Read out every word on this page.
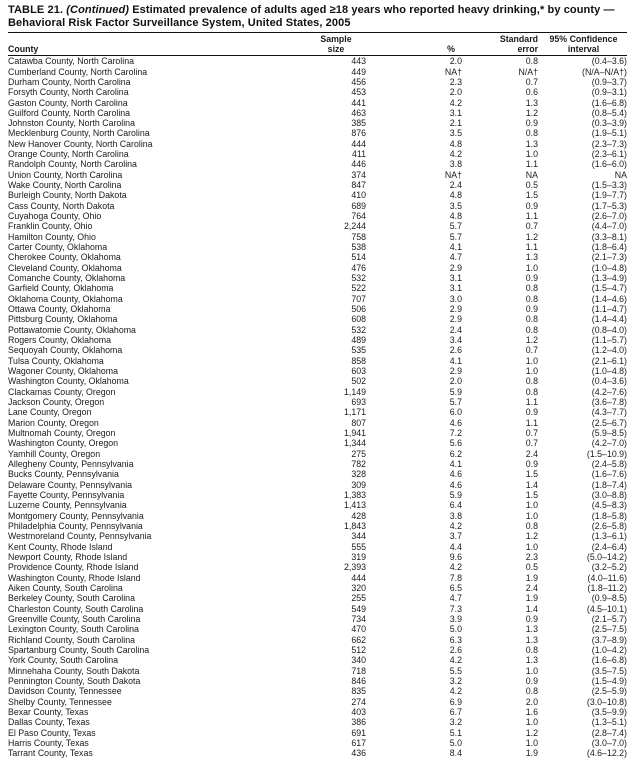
TABLE 21. (Continued) Estimated prevalence of adults aged ≥18 years who reported heavy drinking,* by county — Behavioral Risk Factor Surveillance System, United States, 2005
County
Sample
size	%
Standard
error
95% Confidence
interval
Catawba County, North Carolina	443	2.0	0.8	(0.4–3.6)
Cumberland County, North Carolina	449	NA†	N/A†	(N/A–N/A†)
Durham County, North Carolina	456	2.3	0.7	(0.9–3.7)
Forsyth County, North Carolina	453	2.0	0.6	(0.9–3.1)
Gaston County, North Carolina	441	4.2	1.3	(1.6–6.8)
Guilford County, North Carolina	463	3.1	1.2	(0.8–5.4)
Johnston County, North Carolina	385	2.1	0.9	(0.3–3.9)
Mecklenburg County, North Carolina	876	3.5	0.8	(1.9–5.1)
New Hanover County, North Carolina	444	4.8	1.3	(2.3–7.3)
Orange County, North Carolina	411	4.2	1.0	(2.3–6.1)
Randolph County, North Carolina	446	3.8	1.1	(1.6–6.0)
Union County, North Carolina	374	NA†	NA	NA
Wake County, North Carolina	847	2.4	0.5	(1.5–3.3)
Burleigh County, North Dakota	410	4.8	1.5	(1.9–7.7)
Cass County, North Dakota	689	3.5	0.9	(1.7–5.3)
Cuyahoga County, Ohio	764	4.8	1.1	(2.6–7.0)
Franklin County, Ohio	2,244	5.7	0.7	(4.4–7.0)
Hamilton County, Ohio	758	5.7	1.2	(3.3–8.1)
Carter County, Oklahoma	538	4.1	1.1	(1.8–6.4)
Cherokee County, Oklahoma	514	4.7	1.3	(2.1–7.3)
Cleveland County, Oklahoma	476	2.9	1.0	(1.0–4.8)
Comanche County, Oklahoma	532	3.1	0.9	(1.3–4.9)
Garfield County, Oklahoma	522	3.1	0.8	(1.5–4.7)
Oklahoma County, Oklahoma	707	3.0	0.8	(1.4–4.6)
Ottawa County, Oklahoma	506	2.9	0.9	(1.1–4.7)
Pittsburg County, Oklahoma	608	2.9	0.8	(1.4–4.4)
Pottawatomie County, Oklahoma	532	2.4	0.8	(0.8–4.0)
Rogers County, Oklahoma	489	3.4	1.2	(1.1–5.7)
Sequoyah County, Oklahoma	535	2.6	0.7	(1.2–4.0)
Tulsa County, Oklahoma	858	4.1	1.0	(2.1–6.1)
Wagoner County, Oklahoma	603	2.9	1.0	(1.0–4.8)
Washington County, Oklahoma	502	2.0	0.8	(0.4–3.6)
Clackamas County, Oregon	1,149	5.9	0.8	(4.2–7.6)
Jackson County, Oregon	693	5.7	1.1	(3.6–7.8)
Lane County, Oregon	1,171	6.0	0.9	(4.3–7.7)
Marion County, Oregon	807	4.6	1.1	(2.5–6.7)
Multnomah County, Oregon	1,941	7.2	0.7	(5.9–8.5)
Washington County, Oregon	1,344	5.6	0.7	(4.2–7.0)
Yamhill County, Oregon	275	6.2	2.4	(1.5–10.9)
Allegheny County, Pennsylvania	782	4.1	0.9	(2.4–5.8)
Bucks County, Pennsylvania	328	4.6	1.5	(1.6–7.6)
Delaware County, Pennsylvania	309	4.6	1.4	(1.8–7.4)
Fayette County, Pennsylvania	1,383	5.9	1.5	(3.0–8.8)
Luzerne County, Pennsylvania	1,413	6.4	1.0	(4.5–8.3)
Montgomery County, Pennsylvania	428	3.8	1.0	(1.8–5.8)
Philadelphia County, Pennsylvania	1,843	4.2	0.8	(2.6–5.8)
Westmoreland County, Pennsylvania	344	3.7	1.2	(1.3–6.1)
Kent County, Rhode Island	555	4.4	1.0	(2.4–6.4)
Newport County, Rhode Island	319	9.6	2.3	(5.0–14.2)
Providence County, Rhode Island	2,393	4.2	0.5	(3.2–5.2)
Washington County, Rhode Island	444	7.8	1.9	(4.0–11.6)
Aiken County, South Carolina	320	6.5	2.4	(1.8–11.2)
Berkeley County, South Carolina	255	4.7	1.9	(0.9–8.5)
Charleston County, South Carolina	549	7.3	1.4	(4.5–10.1)
Greenville County, South Carolina	734	3.9	0.9	(2.1–5.7)
Lexington County, South Carolina	470	5.0	1.3	(2.5–7.5)
Richland County, South Carolina	662	6.3	1.3	(3.7–8.9)
Spartanburg County, South Carolina	512	2.6	0.8	(1.0–4.2)
York County, South Carolina	340	4.2	1.3	(1.6–6.8)
Minnehaha County, South Dakota	718	5.5	1.0	(3.5–7.5)
Pennington County, South Dakota	846	3.2	0.9	(1.5–4.9)
Davidson County, Tennessee	835	4.2	0.8	(2.5–5.9)
Shelby County, Tennessee	274	6.9	2.0	(3.0–10.8)
Bexar County, Texas	403	6.7	1.6	(3.5–9.9)
Dallas County, Texas	386	3.2	1.0	(1.3–5.1)
El Paso County, Texas	691	5.1	1.2	(2.8–7.4)
Harris County, Texas	617	5.0	1.0	(3.0–7.0)
Tarrant County, Texas	436	8.4	1.9	(4.6–12.2)
